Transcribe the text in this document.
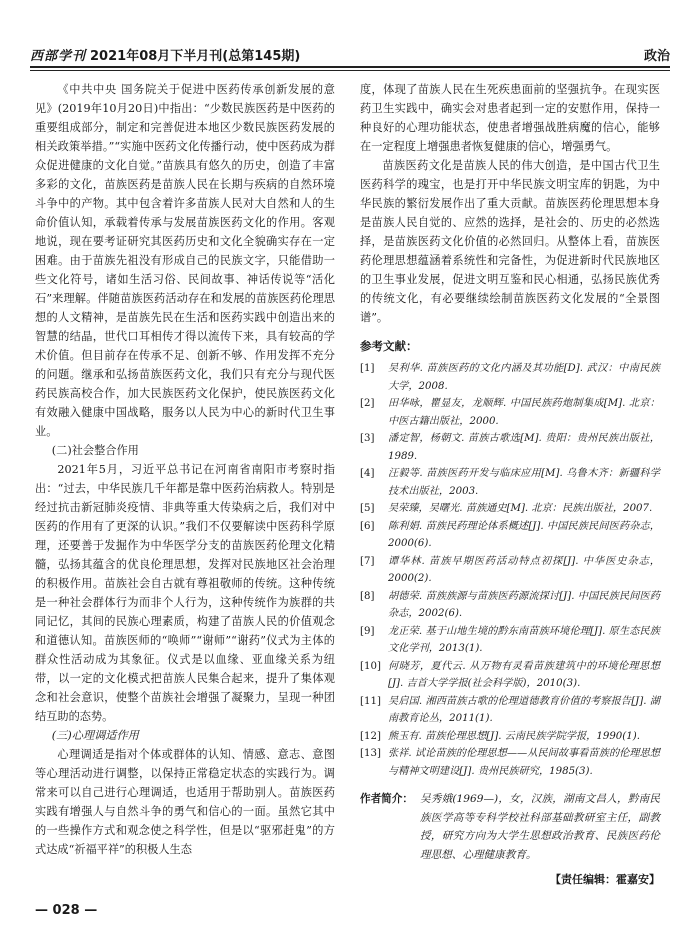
西部学刊 2021年08月下半月刊(总第145期)	政治

《中共中央 国务院关于促进中医药传承创新发展的意见》(2019年10月20日)中指出：“少数民族医药是中医药的重要组成部分，制定和完善促进本地区少数民族医药发展的相关政策举措。”“实施中医药文化传播行动，使中医药成为群众促进健康的文化自觉。”苗族具有悠久的历史，创造了丰富多彩的文化，苗族医药是苗族人民在长期与疾病的自然环境斗争中的产物。其中包含着许多苗族人民对大自然和人的生命价值认知，承载着传承与发展苗族医药文化的作用。客观地说，现在要考证研究其医药历史和文化全貌确实存在一定困难。由于苗族先祖没有形成自己的民族文字，只能借助一些文化符号，诸如生活习俗、民间故事、神话传说等“活化石”来理解。伴随苗族医药活动存在和发展的苗族医药伦理思想的人文精神，是苗族先民在生活和医药实践中创造出来的智慧的结晶，世代口耳相传才得以流传下来，具有较高的学术价值。但目前存在传承不足、创新不够、作用发挥不充分的问题。继承和弘扬苗族医药文化，我们只有充分与现代医药民族高校合作，加大民族医药文化保护，使民族医药文化有效融入健康中国战略，服务以人民为中心的新时代卫生事业。

(二)社会整合作用

2021年5月，习近平总书记在河南省南阳市考察时指出：“过去，中华民族几千年都是靠中医药治病救人。特别是经过抗击新冠肺炎疫情、非典等重大传染病之后，我们对中医药的作用有了更深的认识。”我们不仅要解读中医药科学原理，还要善于发掘作为中华医学分支的苗族医药伦理文化精髓，弘扬其蕴含的优良伦理思想，发挥对民族地区社会治理的积极作用。苗族社会自古就有尊祖敬师的传统。这种传统是一种社会群体行为而非个人行为，这种传统作为族群的共同记忆，其间的民族心理素质，构建了苗族人民的价值观念和道德认知。苗族医师的“唤师”“谢师”“谢药”仪式为主体的群众性活动成为其象征。仪式是以血缘、亚血缘关系为纽带，以一定的文化模式把苗族人民集合起来，提升了集体观念和社会意识，使整个苗族社会增强了凝聚力，呈现一种团结互助的态势。

(三)心理调适作用

心理调适是指对个体或群体的认知、情感、意志、意图等心理活动进行调整，以保持正常稳定状态的实践行为。调常来可以自己进行心理调适，也适用于帮助别人。苗族医药实践有增强人与自然斗争的勇气和信心的一面。虽然它其中的一些操作方式和观念使之科学性，但是以“驱邪赶鬼”的方式达成“祈福平祥”的积极人生态

度，体现了苗族人民在生死疾患面前的坚强抗争。在现实医药卫生实践中，确实会对患者起到一定的安慰作用，保持一种良好的心理功能状态，使患者增强战胜病魔的信心，能够在一定程度上增强患者恢复健康的信心，增强勇气。

苗族医药文化是苗族人民的伟大创造，是中国古代卫生医药科学的瑰宝，也是打开中华民族文明宝库的钥匙，为中华民族的繁衍发展作出了重大贡献。苗族医药伦理思想本身是苗族人民自觉的、应然的选择，是社会的、历史的必然选择，是苗族医药文化价值的必然回归。从整体上看，苗族医药伦理思想蕴涵着系统性和完备性，为促进新时代民族地区的卫生事业发展，促进文明互鉴和民心相通，弘扬民族优秀的传统文化，有必要继续绘制苗族医药文化发展的“全景图谱”。

参考文献：
[1]	吴利华. 苗族医药的文化内涵及其功能[D]. 武汉：中南民族大学，2008.
[2]	田华咏，瞿显友，龙顺辉. 中国民族药炮制集成[M]. 北京：中医古籍出版社，2000.
[3]	潘定智，杨朝文. 苗族古歌选[M]. 贵阳：贵州民族出版社，1989.
[4]	汪毅等. 苗族医药开发与临床应用[M]. 乌鲁木齐：新疆科学技术出版社，2003.
[5]	吴荣臻，吴曙光. 苗族通史[M]. 北京：民族出版社，2007.
[6]	陈利娟. 苗族民药理论体系概述[J]. 中国民族民间医药杂志，2000(6).
[7]	谭华林. 苗族早期医药活动特点初探[J]. 中华医史杂志，2000(2).
[8]	胡德荣. 苗族族源与苗族医药源流探讨[J]. 中国民族民间医药杂志，2002(6).
[9]	龙正荣. 基于山地生境的黔东南苗族环境伦理[J]. 原生态民族文化学刊，2013(1).
[10] 何晓芳，夏代云. 从万物有灵看苗族建筑中的环境伦理思想[J]. 吉首大学学报(社会科学版)，2010(3).
[11] 吴启国. 湘西苗族古歌的伦理道德教育价值的考察报告[J]. 湖南教育论丛，2011(1).
[12] 熊玉有. 苗族伦理思想[J]. 云南民族学院学报，1990(1).
[13] 张祥. 试论苗族的伦理思想——从民间故事看苗族的伦理思想与精神文明建设[J]. 贵州民族研究，1985(3).
作者简介： 吴秀娥(1969—)，女，汉族，湖南文昌人，黔南民族医学高等专科学校社科部基础教研室主任，副教授，研究方向为大学生思想政治教育、民族医药伦理思想、心理健康教育。
【责任编辑：霍嘉安】
— 028 —
